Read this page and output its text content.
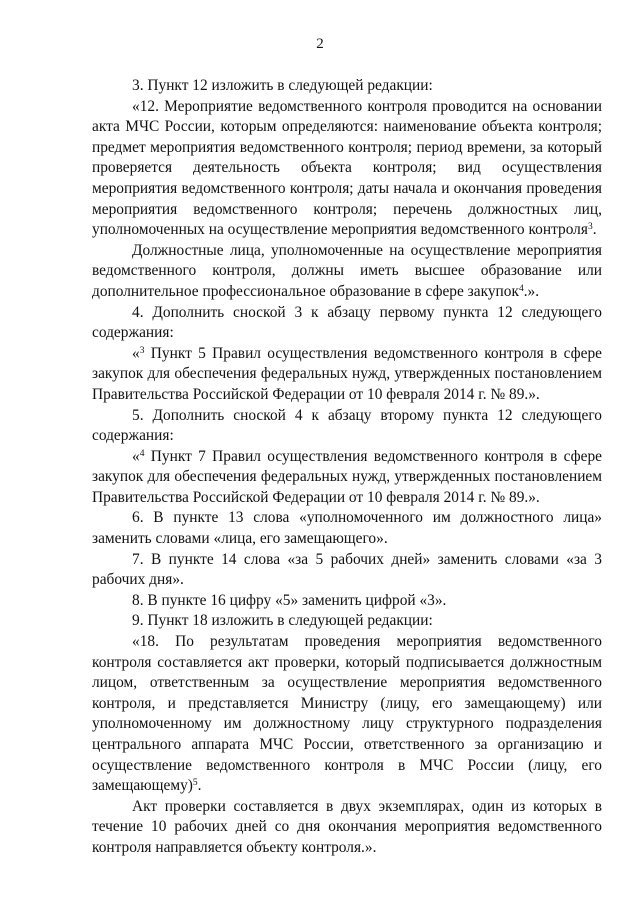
2

3. Пункт 12 изложить в следующей редакции:

«12. Мероприятие ведомственного контроля проводится на основании акта МЧС России, которым определяются: наименование объекта контроля; предмет мероприятия ведомственного контроля; период времени, за который проверяется деятельность объекта контроля; вид осуществления мероприятия ведомственного контроля; даты начала и окончания проведения мероприятия ведомственного контроля; перечень должностных лиц, уполномоченных на осуществление мероприятия ведомственного контроля$^3$.

Должностные лица, уполномоченные на осуществление мероприятия ведомственного контроля, должны иметь высшее образование или дополнительное профессиональное образование в сфере закупок$^4$.».

4. Дополнить сноской 3 к абзацу первому пункта 12 следующего содержания:

«$^3$ Пункт 5 Правил осуществления ведомственного контроля в сфере закупок для обеспечения федеральных нужд, утвержденных постановлением Правительства Российской Федерации от 10 февраля 2014 г. № 89.».

5. Дополнить сноской 4 к абзацу второму пункта 12 следующего содержания:

«$^4$ Пункт 7 Правил осуществления ведомственного контроля в сфере закупок для обеспечения федеральных нужд, утвержденных постановлением Правительства Российской Федерации от 10 февраля 2014 г. № 89.».

6. В пункте 13 слова «уполномоченного им должностного лица» заменить словами «лица, его замещающего».

7. В пункте 14 слова «за 5 рабочих дней» заменить словами «за 3 рабочих дня».

8. В пункте 16 цифру «5» заменить цифрой «3».

9. Пункт 18 изложить в следующей редакции:

«18. По результатам проведения мероприятия ведомственного контроля составляется акт проверки, который подписывается должностным лицом, ответственным за осуществление мероприятия ведомственного контроля, и представляется Министру (лицу, его замещающему) или уполномоченному им должностному лицу структурного подразделения центрального аппарата МЧС России, ответственного за организацию и осуществление ведомственного контроля в МЧС России (лицу, его замещающему)$^5$.

Акт проверки составляется в двух экземплярах, один из которых в течение 10 рабочих дней со дня окончания мероприятия ведомственного контроля направляется объекту контроля.».
